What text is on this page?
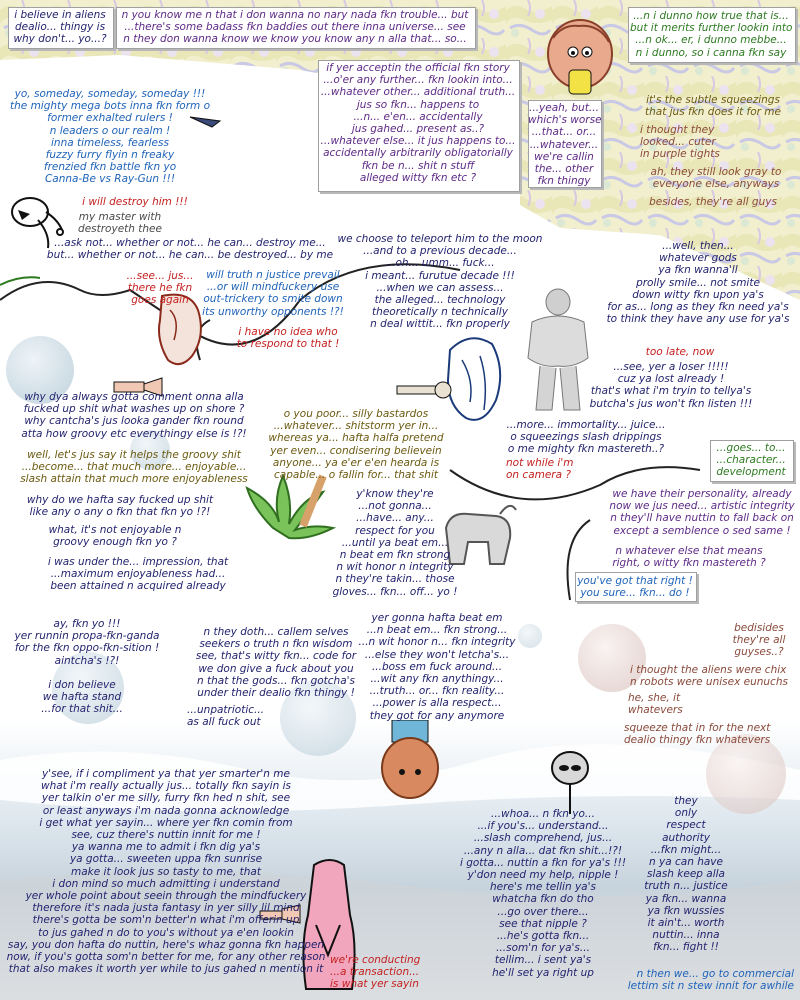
i believe in aliens
dealio... thingy is
why don't... yo...?
n you know me n that i don wanna no nary nada fkn trouble... but
...there's some badass fkn baddies out there inna universe... see
n they don wanna know we know you know any n alla that... so...
...n i dunno how true that is...
but it merits further lookin into
...n ok... er, i dunno mebbe...
n i dunno, so i canna fkn say
yo, someday, someday, someday !!!
the mighty mega bots inna fkn form o
former exhalted rulers !
n leaders o our realm !
inna timeless, fearless
fuzzy furry flyin n freaky
frenzied fkn battle fkn yo
Canna-Be vs Ray-Gun !!!
i will destroy him !!!
my master with
destroyeth thee
if yer acceptin the official fkn story
...o'er any further... fkn lookin into...
...whatever other... additional truth...
jus so fkn... happens to
...n... e'en... accidentally
jus gahed... present as..?
...whatever else... it jus happens to...
accidentally arbitrarily obligatorially
fkn be n... shit n stuff
alleged witty fkn etc ?
...yeah, but...
which's worse
...that... or...
...whatever...
we're callin
the... other
fkn thingy
it's the subtle squeezings
that jus fkn does it for me
i thought they
looked... cuter
in purple tights
ah, they still look gray to
everyone else, anyways
besides, they're all guys
...ask not... whether or not... he can... destroy me...
but... whether or not... he can... be destroyed... by me
we choose to teleport him to the moon
...and to a previous decade...
...oh... umm... fuck...
i meant... furutue decade !!!
...when we can assess...
the alleged... technology
theoretically n technically
n deal wittit... fkn properly
...well, then...
whatever gods
ya fkn wanna'll
prolly smile... not smite
down witty fkn upon ya's
for as... long as they fkn need ya's
to think they have any use for ya's
...see... jus...
there he fkn
goes again
will truth n justice prevail
...or will mindfuckery use
out-trickery to smite down
its unworthy opponents !?!
i have no idea who
to respond to that !
too late, now
...see, yer a loser !!!!!
cuz ya lost already !
that's what i'm tryin to tellya's
butcha's jus won't fkn listen !!!
why dya always gotta comment onna alla
fucked up shit what washes up on shore ?
why cantcha's jus looka gander fkn round
atta how groovy etc everythingy else is !?!
well, let's jus say it helps the groovy shit
...become... that much more... enjoyable...
slash attain that much more enjoyableness
o you poor... silly bastardos
...whatever... shitstorm yer in...
whereas ya... hafta halfa pretend
yer even... condisering believein
anyone... ya e'er e'en hearda is
capable... o fallin for... that shit
...more... immortality... juice...
o squeezings slash drippings
o me mighty fkn mastereth..?
not while i'm
on camera ?
...goes... to...
...character...
development
we have their personality, already
now we jus need... artistic integrity
n they'll have nuttin to fall back on
except a semblence o sed same !
n whatever else that means
right, o witty fkn mastereth ?
you've got that right !
you sure... fkn... do !
why do we hafta say fucked up shit
like any o any o fkn that fkn yo !?!
what, it's not enjoyable n
groovy enough fkn yo ?
i was under the... impression, that
...maximum enjoyableness had...
been attained n acquired already
y'know they're
...not gonna...
...have... any...
respect for you
...until ya beat em...
n beat em fkn strong
n wit honor n integrity
n they're takin... those
gloves... fkn... off... yo !
ay, fkn yo !!!
yer runnin propa-fkn-ganda
for the fkn oppo-fkn-sition !
aintcha's !?!
i don believe
we hafta stand
...for that shit...
n they doth... callem selves
seekers o truth n fkn wisdom
see, that's witty fkn... code for
we don give a fuck about you
n that the gods... fkn gotcha's
under their dealio fkn thingy !
...unpatriotic...
as all fuck out
yer gonna hafta beat em
...n beat em... fkn strong...
...n wit honor n... fkn integrity
...else they won't letcha's...
...boss em fuck around...
...wit any fkn anythingy...
...truth... or... fkn reality...
...power is alla respect...
they got for any anymore
bedisides
they're all
guyses..?
i thought the aliens were chix
n robots were unisex eunuchs
he, she, it
whatevers
squeeze that in for the next
dealio thingy fkn whatevers
y'see, if i compliment ya that yer smarter'n me
what i'm really actually jus... totally fkn sayin is
yer talkin o'er me silly, furry fkn hed n shit, see
or least anyways i'm nada gonna acknowledge
i get what yer sayin... where yer fkn comin from
see, cuz there's nuttin innit for me !
ya wanna me to admit i fkn dig ya's
ya gotta... sweeten uppa fkn sunrise
make it look jus so tasty to me, that
i don mind so much admitting i understand
yer whole point about seein through the mindfuckery
therefore it's nada justa fantasy in yer silly lil mind
there's gotta be som'n better'n what i'm offerin up
to jus gahed n do to you's without ya e'en lookin
say, you don hafta do nuttin, here's whaz gonna fkn happen
now, if you's gotta som'n better for me, for any other reason
that also makes it worth yer while to jus gahed n mention it
we're conducting
...a transaction...
is what yer sayin
...whoa... n fkn yo...
...if you's... understand...
...slash comprehend, jus...
...any n alla... dat fkn shit...!?!
i gotta... nuttin a fkn for ya's !!!
y'don need my help, nipple !
here's me tellin ya's
whatcha fkn do tho
...go over there...
see that nipple ?
...he's gotta fkn...
...som'n for ya's...
tellim... i sent ya's
he'll set ya right up
they
only
respect
authority
...fkn might...
n ya can have
slash keep alla
truth n... justice
ya fkn... wanna
ya fkn wussies
it ain't... worth
nuttin... inna
fkn... fight !!
n then we... go to commercial
lettim sit n stew innit for awhile
